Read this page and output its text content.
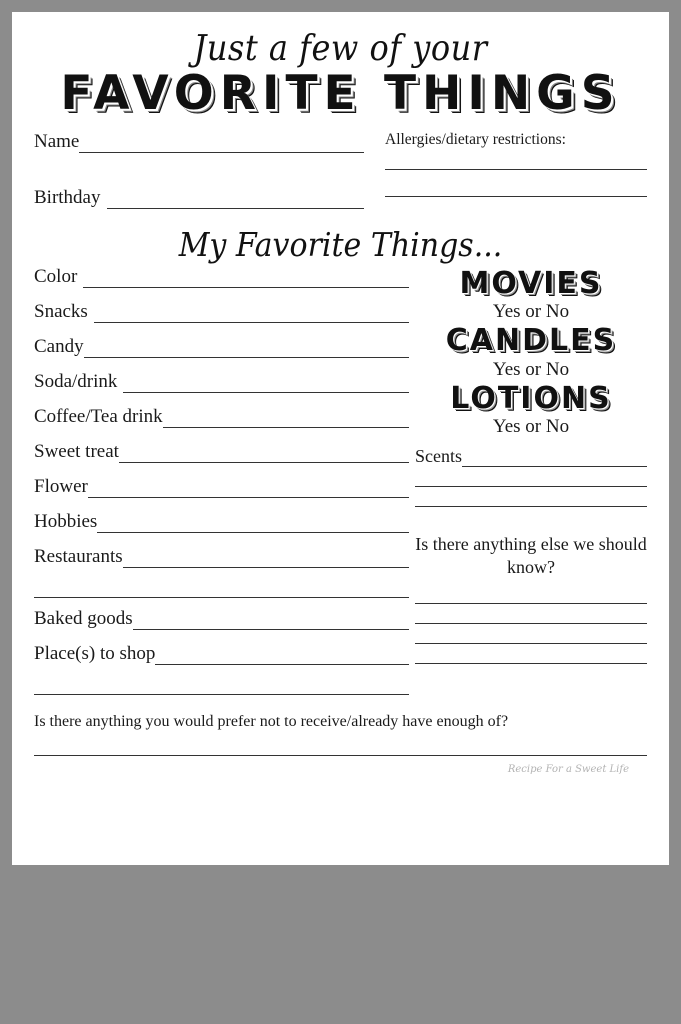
Just a few of your
FAVORITE THINGS
Name
Birthday
Allergies/dietary restrictions:
My Favorite Things...
Color
Snacks
Candy
Soda/drink
Coffee/Tea drink
Sweet treat
Flower
Hobbies
Restaurants
Baked goods
Place(s) to shop
MOVIES
Yes or No
CANDLES
Yes or No
LOTIONS
Yes or No
Scents
Is there anything else we should know?
Is there anything you would prefer not to receive/already have enough of?
Recipe For a Sweet Life
